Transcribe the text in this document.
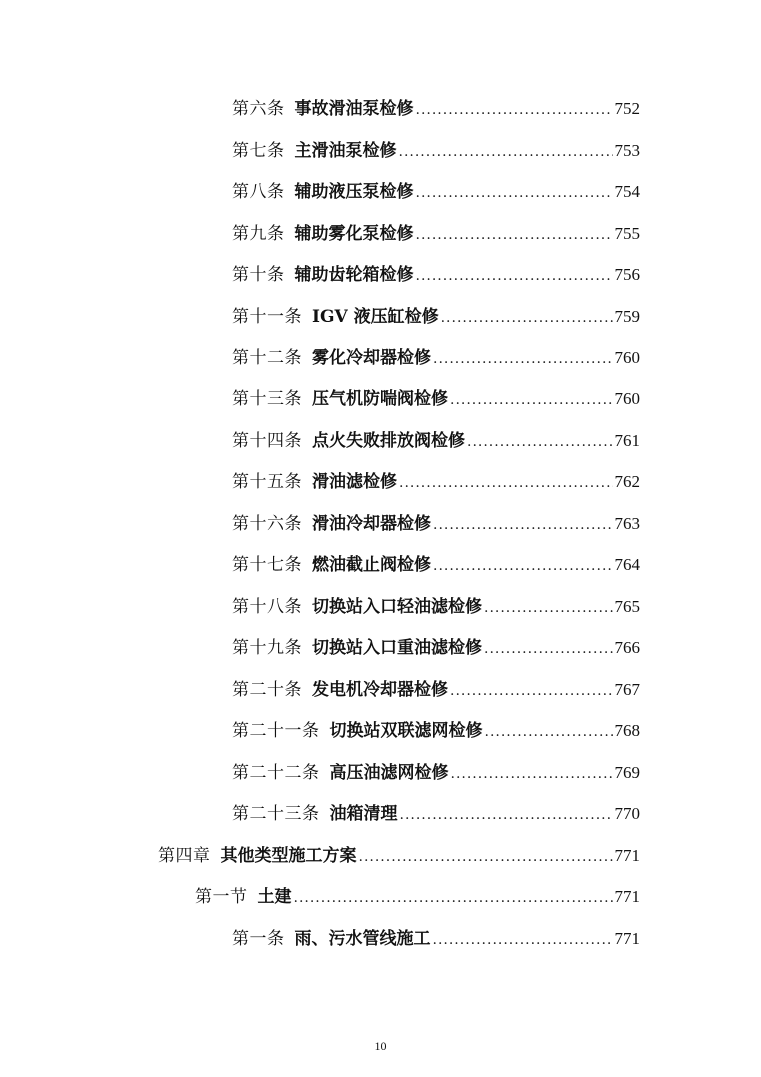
第六条 事故滑油泵检修 .....	752
第七条 主滑油泵检修 .....	753
第八条 辅助液压泵检修 .....	754
第九条 辅助雾化泵检修 .....	755
第十条 辅助齿轮箱检修 .....	756
第十一条 IGV 液压缸检修 .....	759
第十二条 雾化冷却器检修 .....	760
第十三条 压气机防喘阀检修 .....	760
第十四条 点火失败排放阀检修 .....	761
第十五条 滑油滤检修 .....	762
第十六条 滑油冷却器检修 .....	763
第十七条 燃油截止阀检修 .....	764
第十八条 切换站入口轻油滤检修 .....	765
第十九条 切换站入口重油滤检修 .....	766
第二十条 发电机冷却器检修 .....	767
第二十一条 切换站双联滤网检修 .....	768
第二十二条 高压油滤网检修 .....	769
第二十三条 油箱清理 .....	770
第四章 其他类型施工方案 .....	771
第一节 土建 .....	771
第一条 雨、污水管线施工 .....	771
10
